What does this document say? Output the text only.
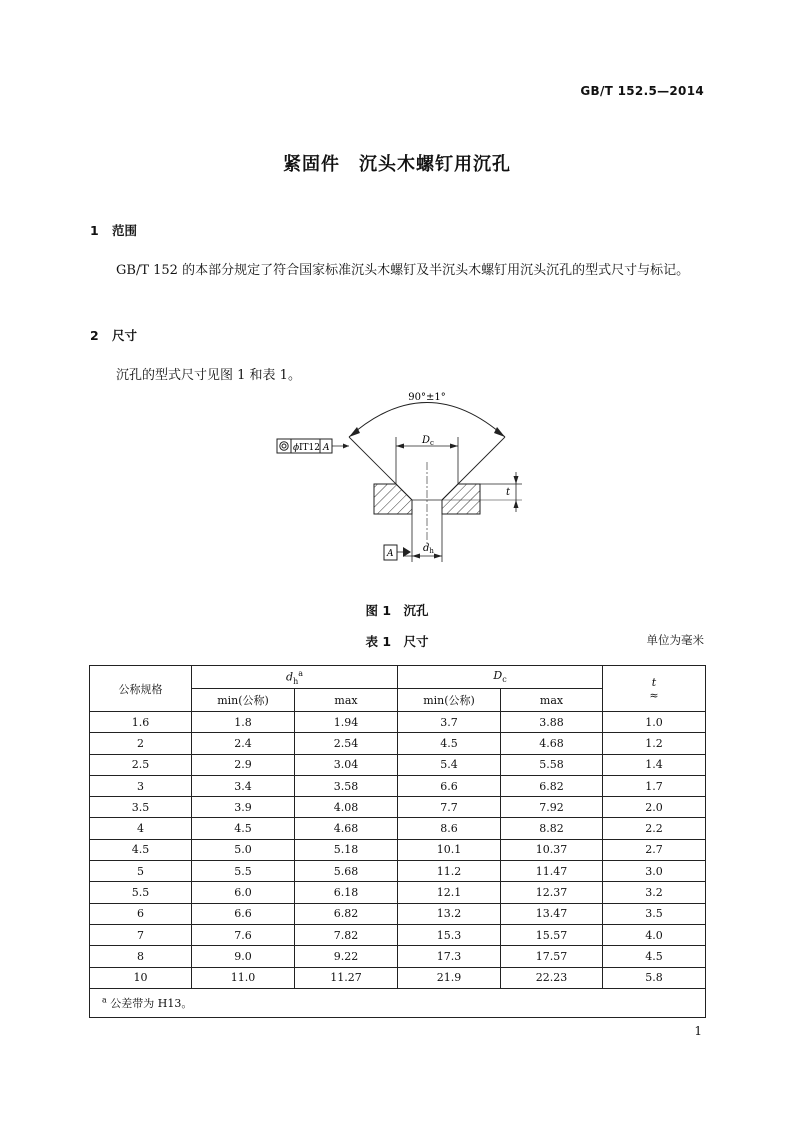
GB/T 152.5—2014
紧固件　沉头木螺钉用沉孔
1 范围
GB/T 152 的本部分规定了符合国家标准沉头木螺钉及半沉头木螺钉用沉头沉孔的型式尺寸与标记。
2 尺寸
沉孔的型式尺寸见图 1 和表 1。
90°±1°
$D_c$
ϕ IT12 A
t
$d_h$
A
图 1　沉孔
表 1　尺寸	单位为毫米
公称规格	$d_h^a$		$D_c$		t
≈
	min(公称)	max	min(公称)	max	
1.6	1.8	1.94	3.7	3.88	1.0
2	2.4	2.54	4.5	4.68	1.2
2.5	2.9	3.04	5.4	5.58	1.4
3	3.4	3.58	6.6	6.82	1.7
3.5	3.9	4.08	7.7	7.92	2.0
4	4.5	4.68	8.6	8.82	2.2
4.5	5.0	5.18	10.1	10.37	2.7
5	5.5	5.68	11.2	11.47	3.0
5.5	6.0	6.18	12.1	12.37	3.2
6	6.6	6.82	13.2	13.47	3.5
7	7.6	7.82	15.3	15.57	4.0
8	9.0	9.22	17.3	17.57	4.5
10	11.0	11.27	21.9	22.23	5.8
$^a$ 公差带为 H13。					
1
